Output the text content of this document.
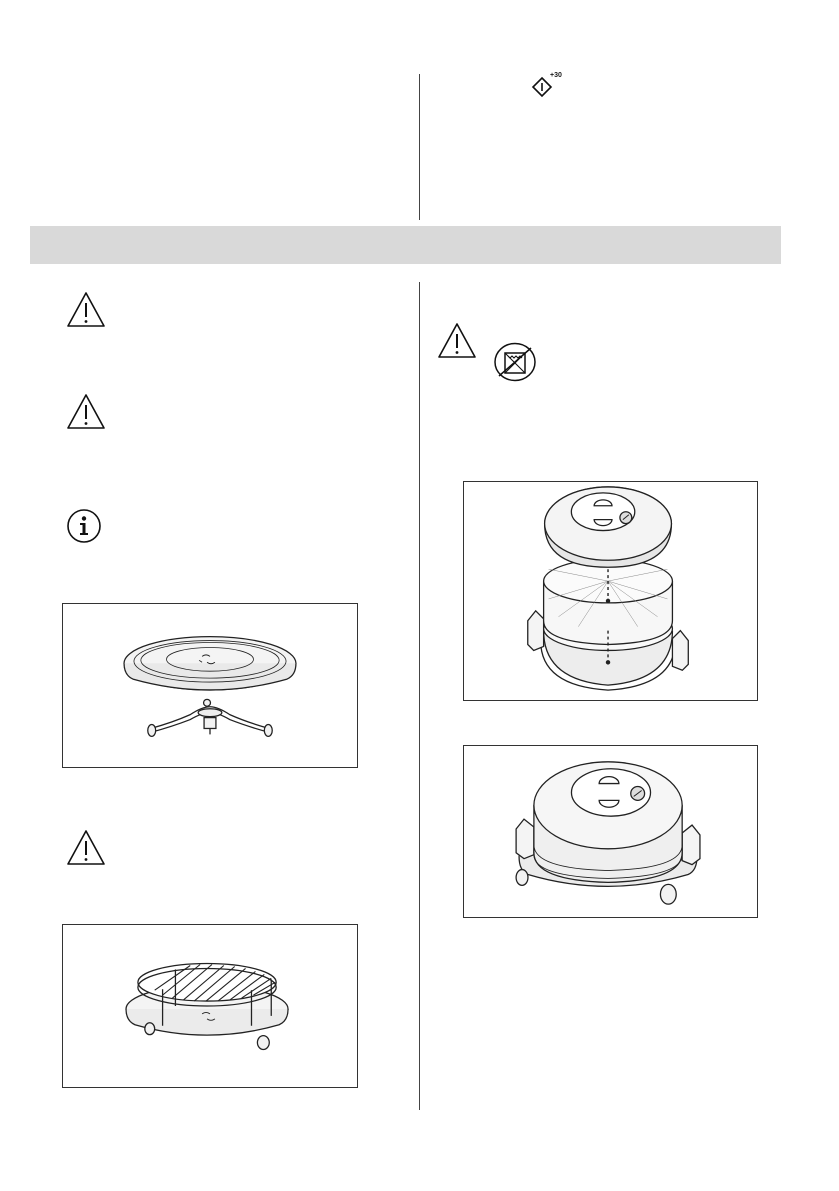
+30
